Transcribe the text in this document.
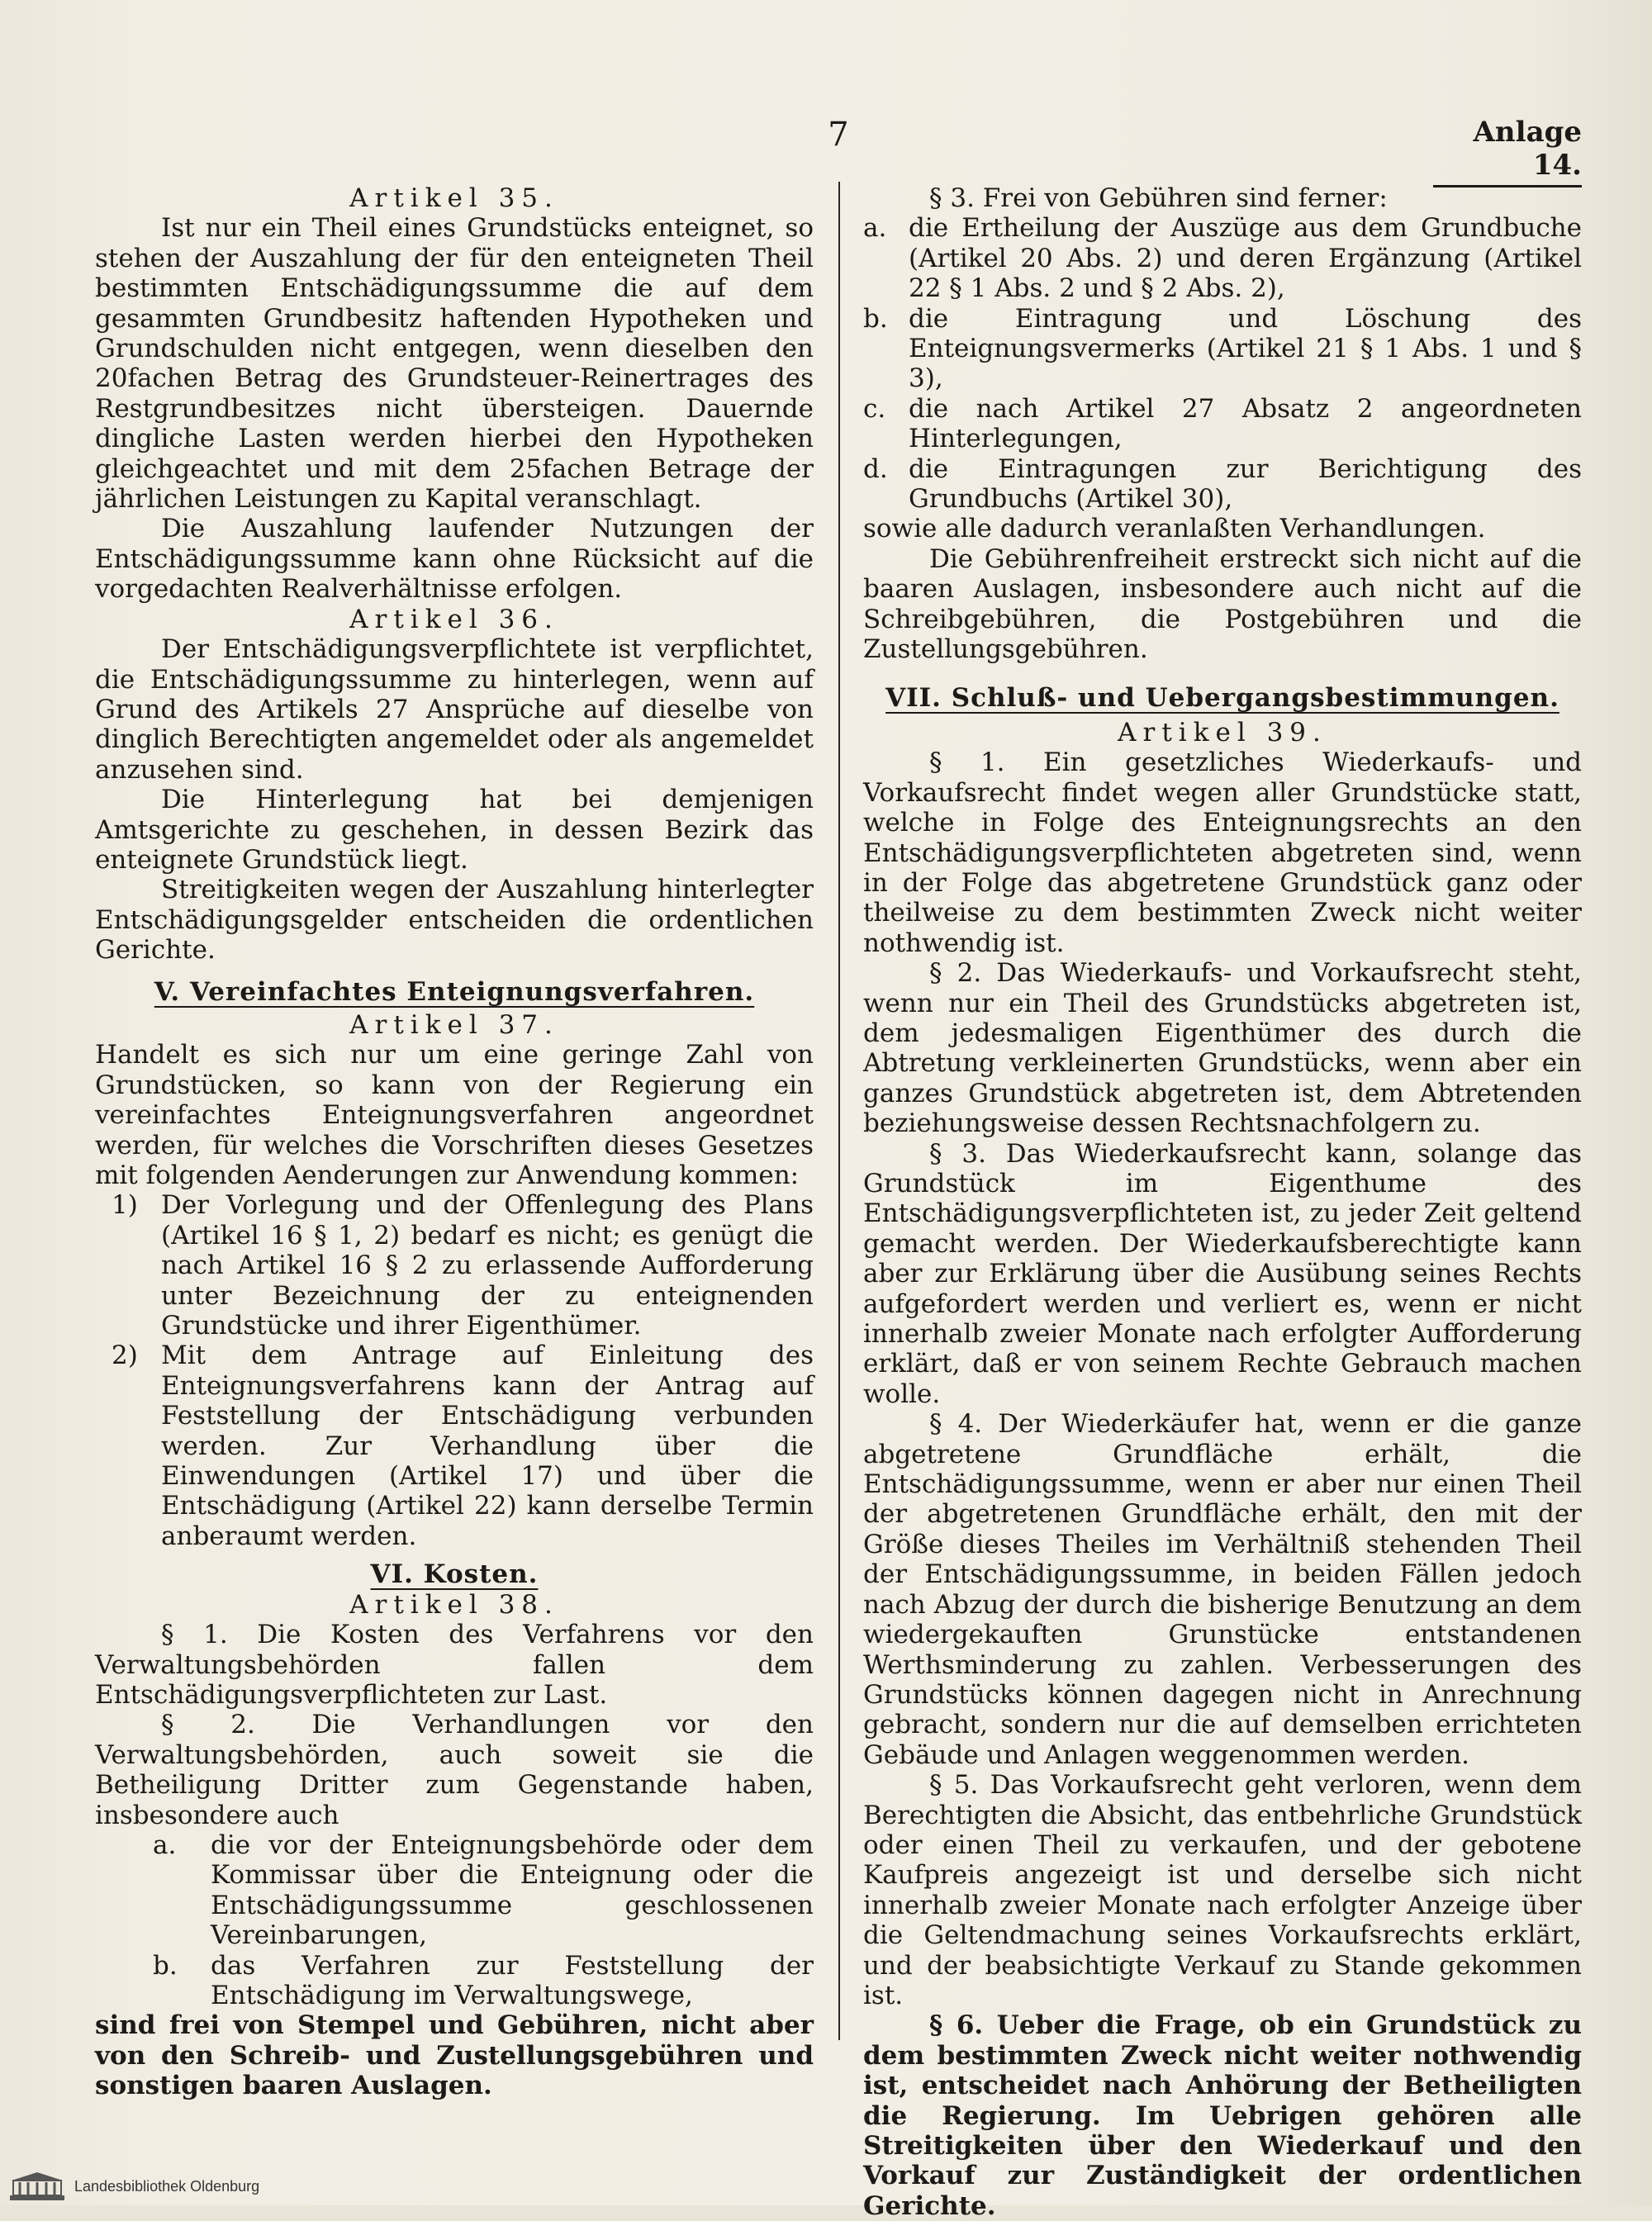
7	Anlage 14.
Artikel 35.

Ist nur ein Theil eines Grundstücks enteignet, so stehen der Auszahlung der für den enteigneten Theil bestimmten Entschädigungssumme die auf dem gesammten Grundbesitz haftenden Hypotheken und Grundschulden nicht entgegen, wenn dieselben den 20fachen Betrag des Grundsteuer-Reinertrages des Restgrundbesitzes nicht übersteigen. Dauernde dingliche Lasten werden hierbei den Hypotheken gleichgeachtet und mit dem 25fachen Betrage der jährlichen Leistungen zu Kapital veranschlagt.

Die Auszahlung laufender Nutzungen der Entschädigungssumme kann ohne Rücksicht auf die vorgedachten Realverhältnisse erfolgen.

Artikel 36.

Der Entschädigungsverpflichtete ist verpflichtet, die Entschädigungssumme zu hinterlegen, wenn auf Grund des Artikels 27 Ansprüche auf dieselbe von dinglich Berechtigten angemeldet oder als angemeldet anzusehen sind.

Die Hinterlegung hat bei demjenigen Amtsgerichte zu geschehen, in dessen Bezirk das enteignete Grundstück liegt.

Streitigkeiten wegen der Auszahlung hinterlegter Entschädigungsgelder entscheiden die ordentlichen Gerichte.

V. Vereinfachtes Enteignungsverfahren.
Artikel 37.

Handelt es sich nur um eine geringe Zahl von Grundstücken, so kann von der Regierung ein vereinfachtes Enteignungsverfahren angeordnet werden, für welches die Vorschriften dieses Gesetzes mit folgenden Aenderungen zur Anwendung kommen:

1) Der Vorlegung und der Offenlegung des Plans (Artikel 16 § 1, 2) bedarf es nicht; es genügt die nach Artikel 16 § 2 zu erlassende Aufforderung unter Bezeichnung der zu enteignenden Grundstücke und ihrer Eigenthümer.
2) Mit dem Antrage auf Einleitung des Enteignungsverfahrens kann der Antrag auf Feststellung der Entschädigung verbunden werden. Zur Verhandlung über die Einwendungen (Artikel 17) und über die Entschädigung (Artikel 22) kann derselbe Termin anberaumt werden.
VI. Kosten.
Artikel 38.

§ 1. Die Kosten des Verfahrens vor den Verwaltungsbehörden fallen dem Entschädigungsverpflichteten zur Last.

§ 2. Die Verhandlungen vor den Verwaltungsbehörden, auch soweit sie die Betheiligung Dritter zum Gegenstande haben, insbesondere auch

a.	die vor der Enteignungsbehörde oder dem Kommissar über die Enteignung oder die Entschädigungssumme geschlossenen Vereinbarungen,
b.	das Verfahren zur Feststellung der Entschädigung im Verwaltungswege,

sind frei von Stempel und Gebühren, nicht aber von den Schreib- und Zustellungsgebühren und sonstigen baaren Auslagen.

§ 3. Frei von Gebühren sind ferner:

a. die Ertheilung der Auszüge aus dem Grundbuche (Artikel 20 Abs. 2) und deren Ergänzung (Artikel 22 § 1 Abs. 2 und § 2 Abs. 2),
b. die Eintragung und Löschung des Enteignungsvermerks (Artikel 21 § 1 Abs. 1 und § 3),
c. die nach Artikel 27 Absatz 2 angeordneten Hinterlegungen,
d. die Eintragungen zur Berichtigung des Grundbuchs (Artikel 30),

sowie alle dadurch veranlaßten Verhandlungen.

Die Gebührenfreiheit erstreckt sich nicht auf die baaren Auslagen, insbesondere auch nicht auf die Schreibgebühren, die Postgebühren und die Zustellungsgebühren.

VII. Schluß- und Uebergangsbestimmungen.
Artikel 39.

§ 1. Ein gesetzliches Wiederkaufs- und Vorkaufsrecht findet wegen aller Grundstücke statt, welche in Folge des Enteignungsrechts an den Entschädigungsverpflichteten abgetreten sind, wenn in der Folge das abgetretene Grundstück ganz oder theilweise zu dem bestimmten Zweck nicht weiter nothwendig ist.

§ 2. Das Wiederkaufs- und Vorkaufsrecht steht, wenn nur ein Theil des Grundstücks abgetreten ist, dem jedesmaligen Eigenthümer des durch die Abtretung verkleinerten Grundstücks, wenn aber ein ganzes Grundstück abgetreten ist, dem Abtretenden beziehungsweise dessen Rechtsnachfolgern zu.

§ 3. Das Wiederkaufsrecht kann, solange das Grundstück im Eigenthume des Entschädigungsverpflichteten ist, zu jeder Zeit geltend gemacht werden. Der Wiederkaufsberechtigte kann aber zur Erklärung über die Ausübung seines Rechts aufgefordert werden und verliert es, wenn er nicht innerhalb zweier Monate nach erfolgter Aufforderung erklärt, daß er von seinem Rechte Gebrauch machen wolle.

§ 4. Der Wiederkäufer hat, wenn er die ganze abgetretene Grundfläche erhält, die Entschädigungssumme, wenn er aber nur einen Theil der abgetretenen Grundfläche erhält, den mit der Größe dieses Theiles im Verhältniß stehenden Theil der Entschädigungssumme, in beiden Fällen jedoch nach Abzug der durch die bisherige Benutzung an dem wiedergekauften Grunstücke entstandenen Werthsminderung zu zahlen. Verbesserungen des Grundstücks können dagegen nicht in Anrechnung gebracht, sondern nur die auf demselben errichteten Gebäude und Anlagen weggenommen werden.

§ 5. Das Vorkaufsrecht geht verloren, wenn dem Berechtigten die Absicht, das entbehrliche Grundstück oder einen Theil zu verkaufen, und der gebotene Kaufpreis angezeigt ist und derselbe sich nicht innerhalb zweier Monate nach erfolgter Anzeige über die Geltendmachung seines Vorkaufsrechts erklärt, und der beabsichtigte Verkauf zu Stande gekommen ist.

§ 6. Ueber die Frage, ob ein Grundstück zu dem bestimmten Zweck nicht weiter nothwendig ist, entscheidet nach Anhörung der Betheiligten die Regierung. Im Uebrigen gehören alle Streitigkeiten über den Wiederkauf und den Vorkauf zur Zuständigkeit der ordentlichen Gerichte.

Landesbibliothek Oldenburg
